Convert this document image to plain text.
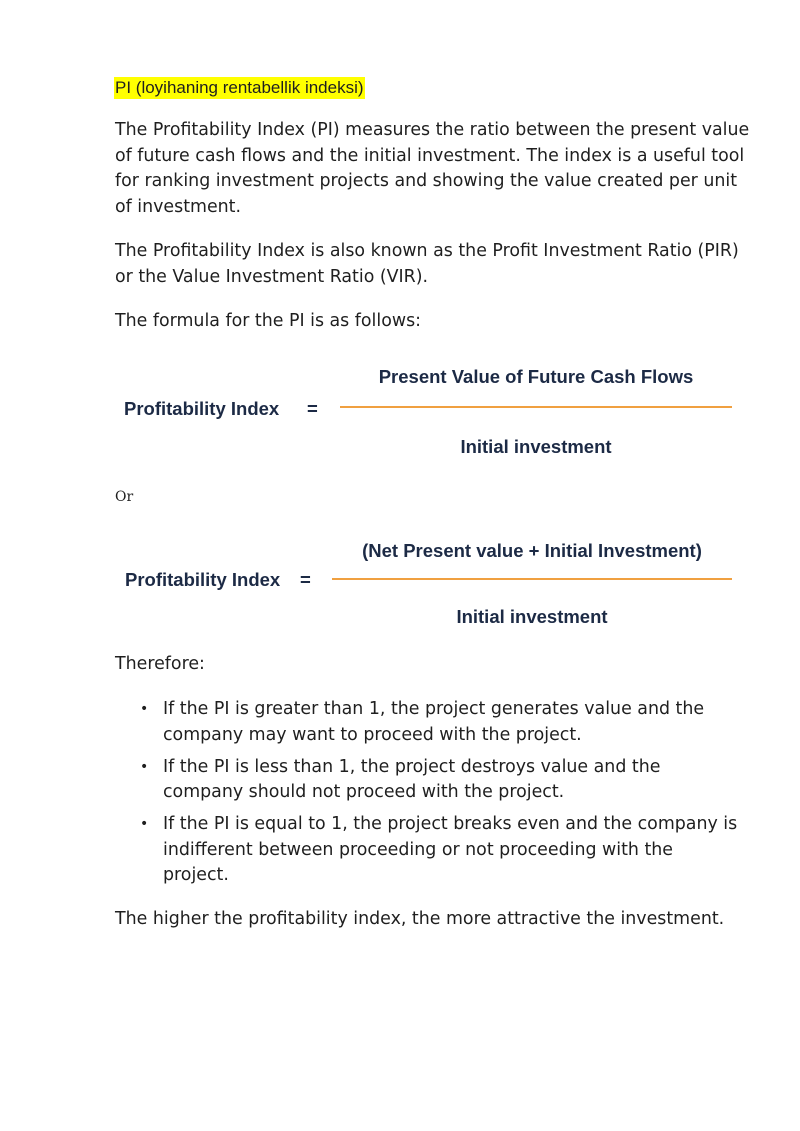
PI (loyihaning rentabellik indeksi)

The Profitability Index (PI) measures the ratio between the present value of future cash flows and the initial investment. The index is a useful tool for ranking investment projects and showing the value created per unit of investment.

The Profitability Index is also known as the Profit Investment Ratio (PIR) or the Value Investment Ratio (VIR).

The formula for the PI is as follows:

Profitability Index =
Present Value of Future Cash Flows
Initial investment
Or
Profitability Index =
(Net Present value + Initial Investment)
Initial investment

Therefore:

• If the PI is greater than 1, the project generates value and the company may want to proceed with the project.
• If the PI is less than 1, the project destroys value and the company should not proceed with the project.
• If the PI is equal to 1, the project breaks even and the company is indifferent between proceeding or not proceeding with the project.

The higher the profitability index, the more attractive the investment.
